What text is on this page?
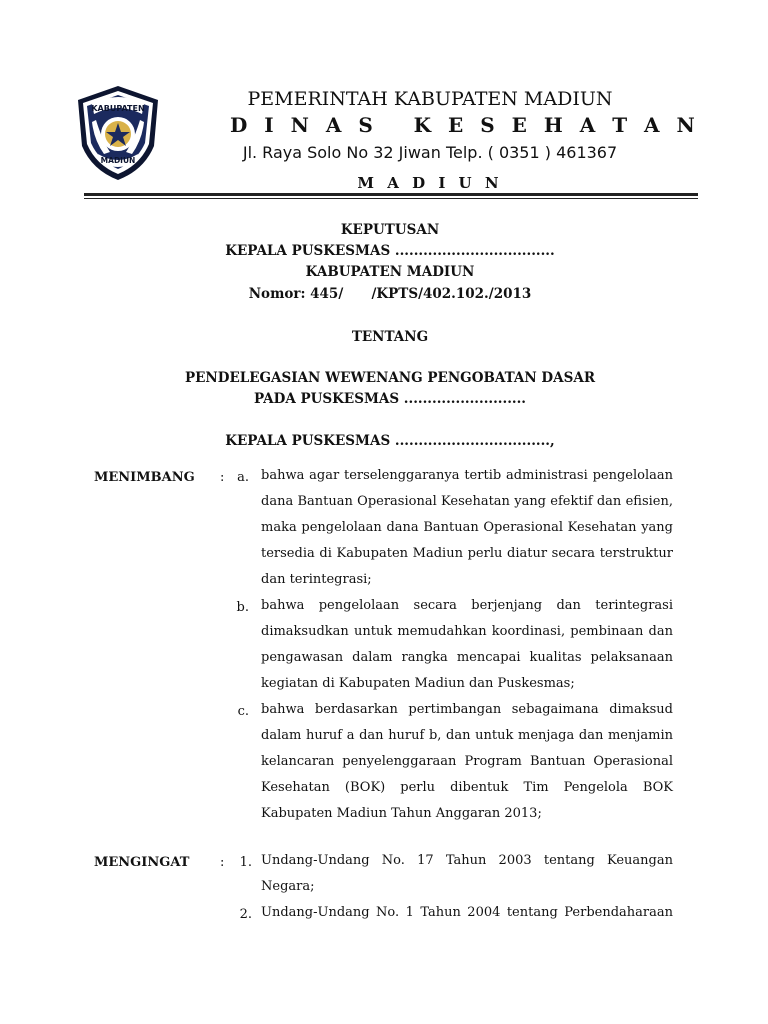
KABUPATEN
MADIUN
PEMERINTAH KABUPATEN MADIUN
D I N A S   K E S E H A T A N
Jl. Raya Solo No 32 Jiwan Telp. ( 0351 ) 461367
M A D I U N
KEPUTUSAN
KEPALA PUSKESMAS ..................................
KABUPATEN MADIUN
Nomor: 445/      /KPTS/402.102./2013
TENTANG
PENDELEGASIAN WEWENANG PENGOBATAN DASAR
PADA PUSKESMAS ..........................
KEPALA PUSKESMAS .................................,
MENIMBANG : a. bahwa agar terselenggaranya tertib administrasi pengelolaan dana Bantuan Operasional Kesehatan yang efektif dan efisien, maka pengelolaan dana Bantuan Operasional Kesehatan yang tersedia di Kabupaten Madiun perlu diatur secara terstruktur dan terintegrasi;
b. bahwa pengelolaan secara berjenjang dan terintegrasi dimaksudkan untuk memudahkan koordinasi, pembinaan dan pengawasan dalam rangka mencapai kualitas pelaksanaan kegiatan di Kabupaten Madiun dan Puskesmas;
c. bahwa berdasarkan pertimbangan sebagaimana dimaksud dalam huruf a dan huruf b, dan untuk menjaga dan menjamin kelancaran penyelenggaraan Program Bantuan Operasional Kesehatan (BOK) perlu dibentuk Tim Pengelola BOK Kabupaten Madiun Tahun Anggaran 2013;
MENGINGAT :	1. Undang-Undang No. 17 Tahun 2003 tentang Keuangan Negara;
2. Undang-Undang No. 1 Tahun 2004 tentang Perbendaharaan
